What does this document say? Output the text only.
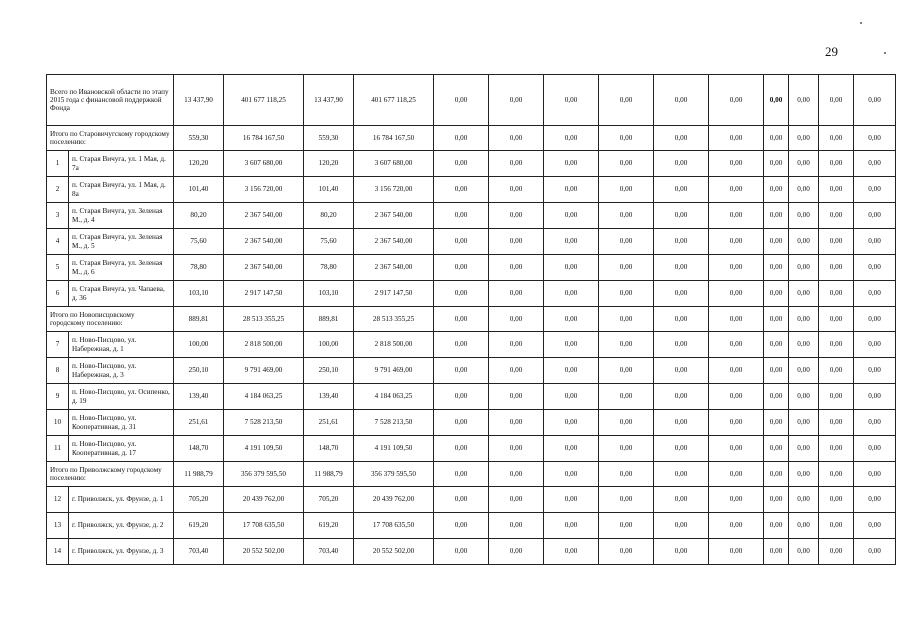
29
Всего по Ивановской области по этапу 2015 года с финансовой поддержкой Фонда		13 437,90	401 677 118,25	13 437,90	401 677 118,25	0,00	0,00	0,00	0,00	0,00	0,00	0,00	0,00	0,00	0,00
Итого по Старовичугскому городскому поселению:		559,30	16 784 167,50	559,30	16 784 167,50	0,00	0,00	0,00	0,00	0,00	0,00	0,00	0,00	0,00	0,00
1	п. Старая Вичуга, ул. 1 Мая, д. 7а	120,20	3 607 680,00	120,20	3 607 680,00	0,00	0,00	0,00	0,00	0,00	0,00	0,00	0,00	0,00	0,00
2	п. Старая Вичуга, ул. 1 Мая, д. 8а	101,40	3 156 720,00	101,40	3 156 720,00	0,00	0,00	0,00	0,00	0,00	0,00	0,00	0,00	0,00	0,00
3	п. Старая Вичуга, ул. Зеленая М., д. 4	80,20	2 367 540,00	80,20	2 367 540,00	0,00	0,00	0,00	0,00	0,00	0,00	0,00	0,00	0,00	0,00
4	п. Старая Вичуга, ул. Зеленая М., д. 5	75,60	2 367 540,00	75,60	2 367 540,00	0,00	0,00	0,00	0,00	0,00	0,00	0,00	0,00	0,00	0,00
5	п. Старая Вичуга, ул. Зеленая М., д. 6	78,80	2 367 540,00	78,80	2 367 540,00	0,00	0,00	0,00	0,00	0,00	0,00	0,00	0,00	0,00	0,00
6	п. Старая Вичуга, ул. Чапаева, д. 36	103,10	2 917 147,50	103,10	2 917 147,50	0,00	0,00	0,00	0,00	0,00	0,00	0,00	0,00	0,00	0,00
Итого по Новописцовскому городскому поселению:		889,81	28 513 355,25	889,81	28 513 355,25	0,00	0,00	0,00	0,00	0,00	0,00	0,00	0,00	0,00	0,00
7	п. Ново-Писцово, ул. Набережная, д. 1	100,00	2 818 500,00	100,00	2 818 500,00	0,00	0,00	0,00	0,00	0,00	0,00	0,00	0,00	0,00	0,00
8	п. Ново-Писцово, ул. Набережная, д. 3	250,10	9 791 469,00	250,10	9 791 469,00	0,00	0,00	0,00	0,00	0,00	0,00	0,00	0,00	0,00	0,00
9	п. Ново-Писцово, ул. Осипенко, д. 19	139,40	4 184 063,25	139,40	4 184 063,25	0,00	0,00	0,00	0,00	0,00	0,00	0,00	0,00	0,00	0,00
10	п. Ново-Писцово, ул. Кооперативная, д. 31	251,61	7 528 213,50	251,61	7 528 213,50	0,00	0,00	0,00	0,00	0,00	0,00	0,00	0,00	0,00	0,00
11	п. Ново-Писцово, ул. Кооперативная, д. 17	148,70	4 191 109,50	148,70	4 191 109,50	0,00	0,00	0,00	0,00	0,00	0,00	0,00	0,00	0,00	0,00
Итого по Приволжскому городскому поселению:		11 988,79	356 379 595,50	11 988,79	356 379 595,50	0,00	0,00	0,00	0,00	0,00	0,00	0,00	0,00	0,00	0,00
12	г. Приволжск, ул. Фрунзе, д. 1	705,20	20 439 762,00	705,20	20 439 762,00	0,00	0,00	0,00	0,00	0,00	0,00	0,00	0,00	0,00	0,00
13	г. Приволжск, ул. Фрунзе, д. 2	619,20	17 708 635,50	619,20	17 708 635,50	0,00	0,00	0,00	0,00	0,00	0,00	0,00	0,00	0,00	0,00
14	г. Приволжск, ул. Фрунзе, д. 3	703,40	20 552 502,00	703,40	20 552 502,00	0,00	0,00	0,00	0,00	0,00	0,00	0,00	0,00	0,00	0,00
